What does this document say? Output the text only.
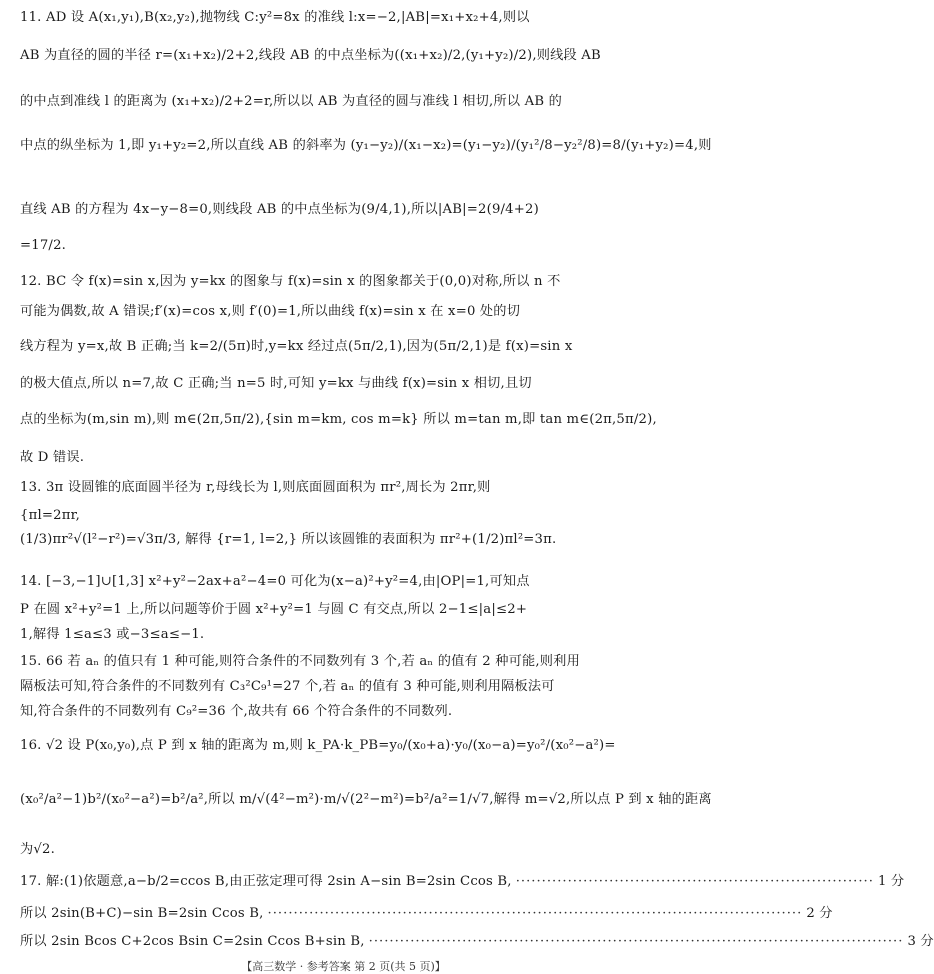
11. AD 设 A(x₁,y₁),B(x₂,y₂),抛物线 C:y²=8x 的准线 l:x=−2,|AB|=x₁+x₂+4,则以
AB 为直径的圆的半径 r=(x₁+x₂)/2+2,线段 AB 的中点坐标为((x₁+x₂)/2,(y₁+y₂)/2),则线段 AB
的中点到准线 l 的距离为 (x₁+x₂)/2+2=r,所以以 AB 为直径的圆与准线 l 相切,所以 AB 的
中点的纵坐标为 1,即 y₁+y₂=2,所以直线 AB 的斜率为 (y₁−y₂)/(x₁−x₂)=(y₁−y₂)/(y₁²/8−y₂²/8)=8/(y₁+y₂)=4,则
直线 AB 的方程为 4x−y−8=0,则线段 AB 的中点坐标为(9/4,1),所以|AB|=2(9/4+2)
=17/2.
12. BC 令 f(x)=sin x,因为 y=kx 的图象与 f(x)=sin x 的图象都关于(0,0)对称,所以 n 不
可能为偶数,故 A 错误;f′(x)=cos x,则 f′(0)=1,所以曲线 f(x)=sin x 在 x=0 处的切
线方程为 y=x,故 B 正确;当 k=2/(5π)时,y=kx 经过点(5π/2,1),因为(5π/2,1)是 f(x)=sin x
的极大值点,所以 n=7,故 C 正确;当 n=5 时,可知 y=kx 与曲线 f(x)=sin x 相切,且切
点的坐标为(m,sin m),则 m∈(2π,5π/2),{sin m=km, cos m=k} 所以 m=tan m,即 tan m∈(2π,5π/2),
故 D 错误.
13. 3π 设圆锥的底面圆半径为 r,母线长为 l,则底面圆面积为 πr²,周长为 2πr,则
{πl=2πr,
(1/3)πr²√(l²−r²)=√3π/3, 解得 {r=1, l=2,} 所以该圆锥的表面积为 πr²+(1/2)πl²=3π.
14. [−3,−1]∪[1,3] x²+y²−2ax+a²−4=0 可化为(x−a)²+y²=4,由|OP|=1,可知点
P 在圆 x²+y²=1 上,所以问题等价于圆 x²+y²=1 与圆 C 有交点,所以 2−1≤|a|≤2+
1,解得 1≤a≤3 或−3≤a≤−1.
15. 66 若 aₙ 的值只有 1 种可能,则符合条件的不同数列有 3 个,若 aₙ 的值有 2 种可能,则利用
隔板法可知,符合条件的不同数列有 C₃²C₉¹=27 个,若 aₙ 的值有 3 种可能,则利用隔板法可
知,符合条件的不同数列有 C₉²=36 个,故共有 66 个符合条件的不同数列.
16. √2 设 P(x₀,y₀),点 P 到 x 轴的距离为 m,则 k_PA·k_PB=y₀/(x₀+a)·y₀/(x₀−a)=y₀²/(x₀²−a²)=
(x₀²/a²−1)b²/(x₀²−a²)=b²/a²,所以 m/√(4²−m²)·m/√(2²−m²)=b²/a²=1/√7,解得 m=√2,所以点 P 到 x 轴的距离
为√2.
17. 解:(1)依题意,a−b/2=ccos B,由正弦定理可得 2sin A−sin B=2sin Ccos B, ····································································· 1 分
所以 2sin(B+C)−sin B=2sin Ccos B, ······································································································· 2 分
所以 2sin Bcos C+2cos Bsin C=2sin Ccos B+sin B, ······································································································· 3 分
【高三数学 · 参考答案 第 2 页(共 5 页)】
